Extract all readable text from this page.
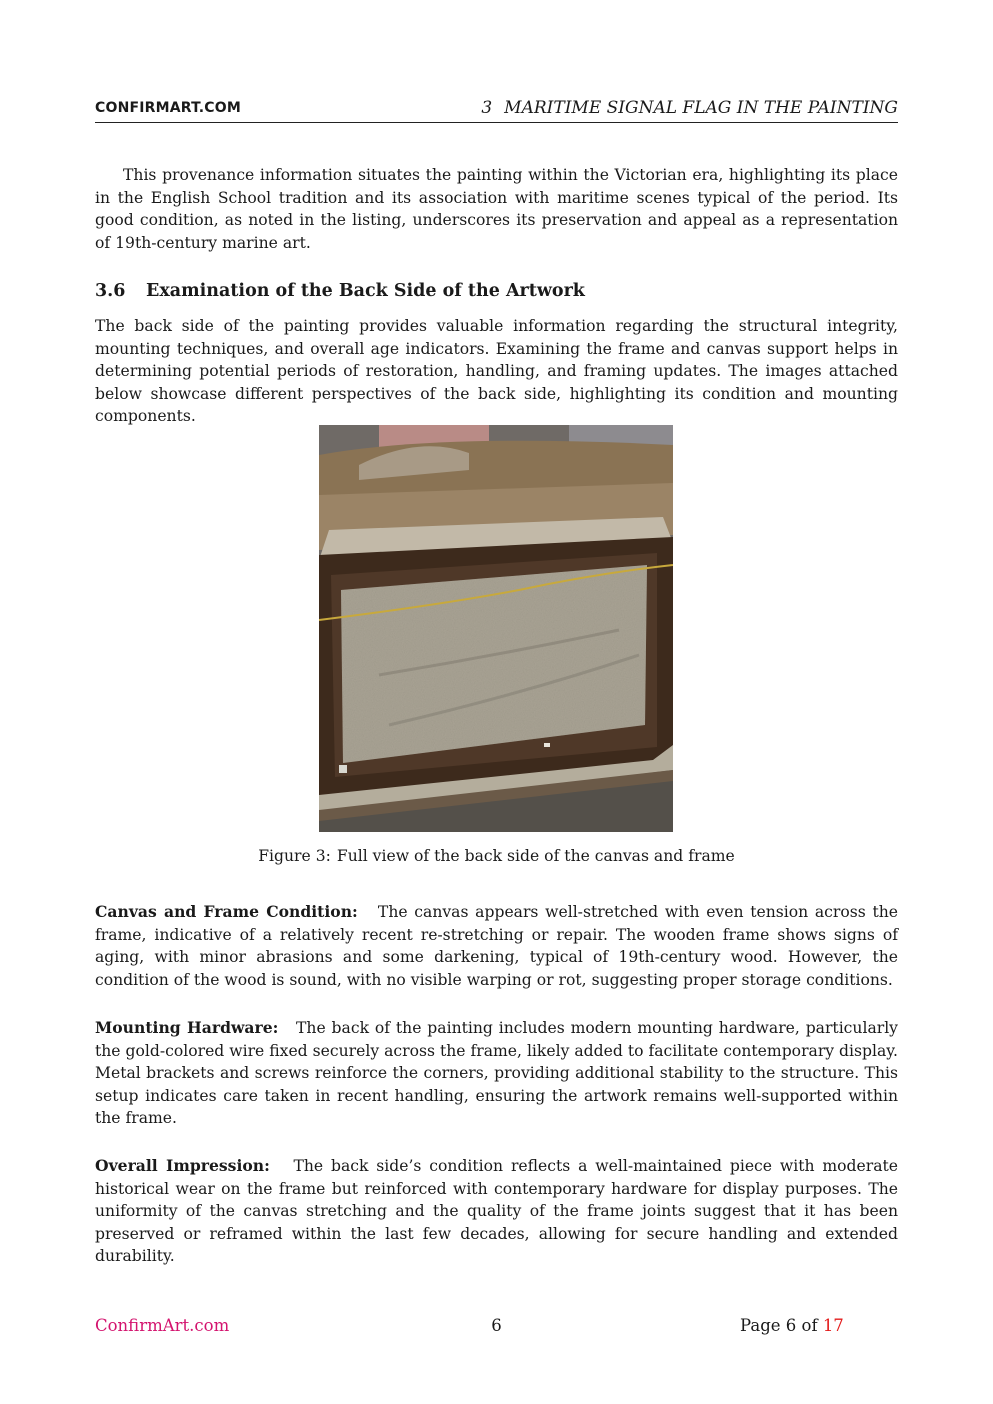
CONFIRMART.COM	3 MARITIME SIGNAL FLAG IN THE PAINTING

This provenance information situates the painting within the Victorian era, highlighting its place in the English School tradition and its association with maritime scenes typical of the period. Its good condition, as noted in the listing, underscores its preservation and appeal as a representation of 19th-century marine art.

3.6 Examination of the Back Side of the Artwork

The back side of the painting provides valuable information regarding the structural integrity, mounting techniques, and overall age indicators. Examining the frame and canvas support helps in determining potential periods of restoration, handling, and framing updates. The images attached below showcase different perspectives of the back side, highlighting its condition and mounting components.

Figure 3: Full view of the back side of the canvas and frame

Canvas and Frame Condition: The canvas appears well-stretched with even tension across the frame, indicative of a relatively recent re-stretching or repair. The wooden frame shows signs of aging, with minor abrasions and some darkening, typical of 19th-century wood. However, the condition of the wood is sound, with no visible warping or rot, suggesting proper storage conditions.

Mounting Hardware: The back of the painting includes modern mounting hardware, particularly the gold-colored wire fixed securely across the frame, likely added to facilitate contemporary display. Metal brackets and screws reinforce the corners, providing additional stability to the structure. This setup indicates care taken in recent handling, ensuring the artwork remains well-supported within the frame.

Overall Impression: The back side’s condition reflects a well-maintained piece with moderate historical wear on the frame but reinforced with contemporary hardware for display purposes. The uniformity of the canvas stretching and the quality of the frame joints suggest that it has been preserved or reframed within the last few decades, allowing for secure handling and extended durability.

ConfirmArt.com	6	Page 6 of 17
